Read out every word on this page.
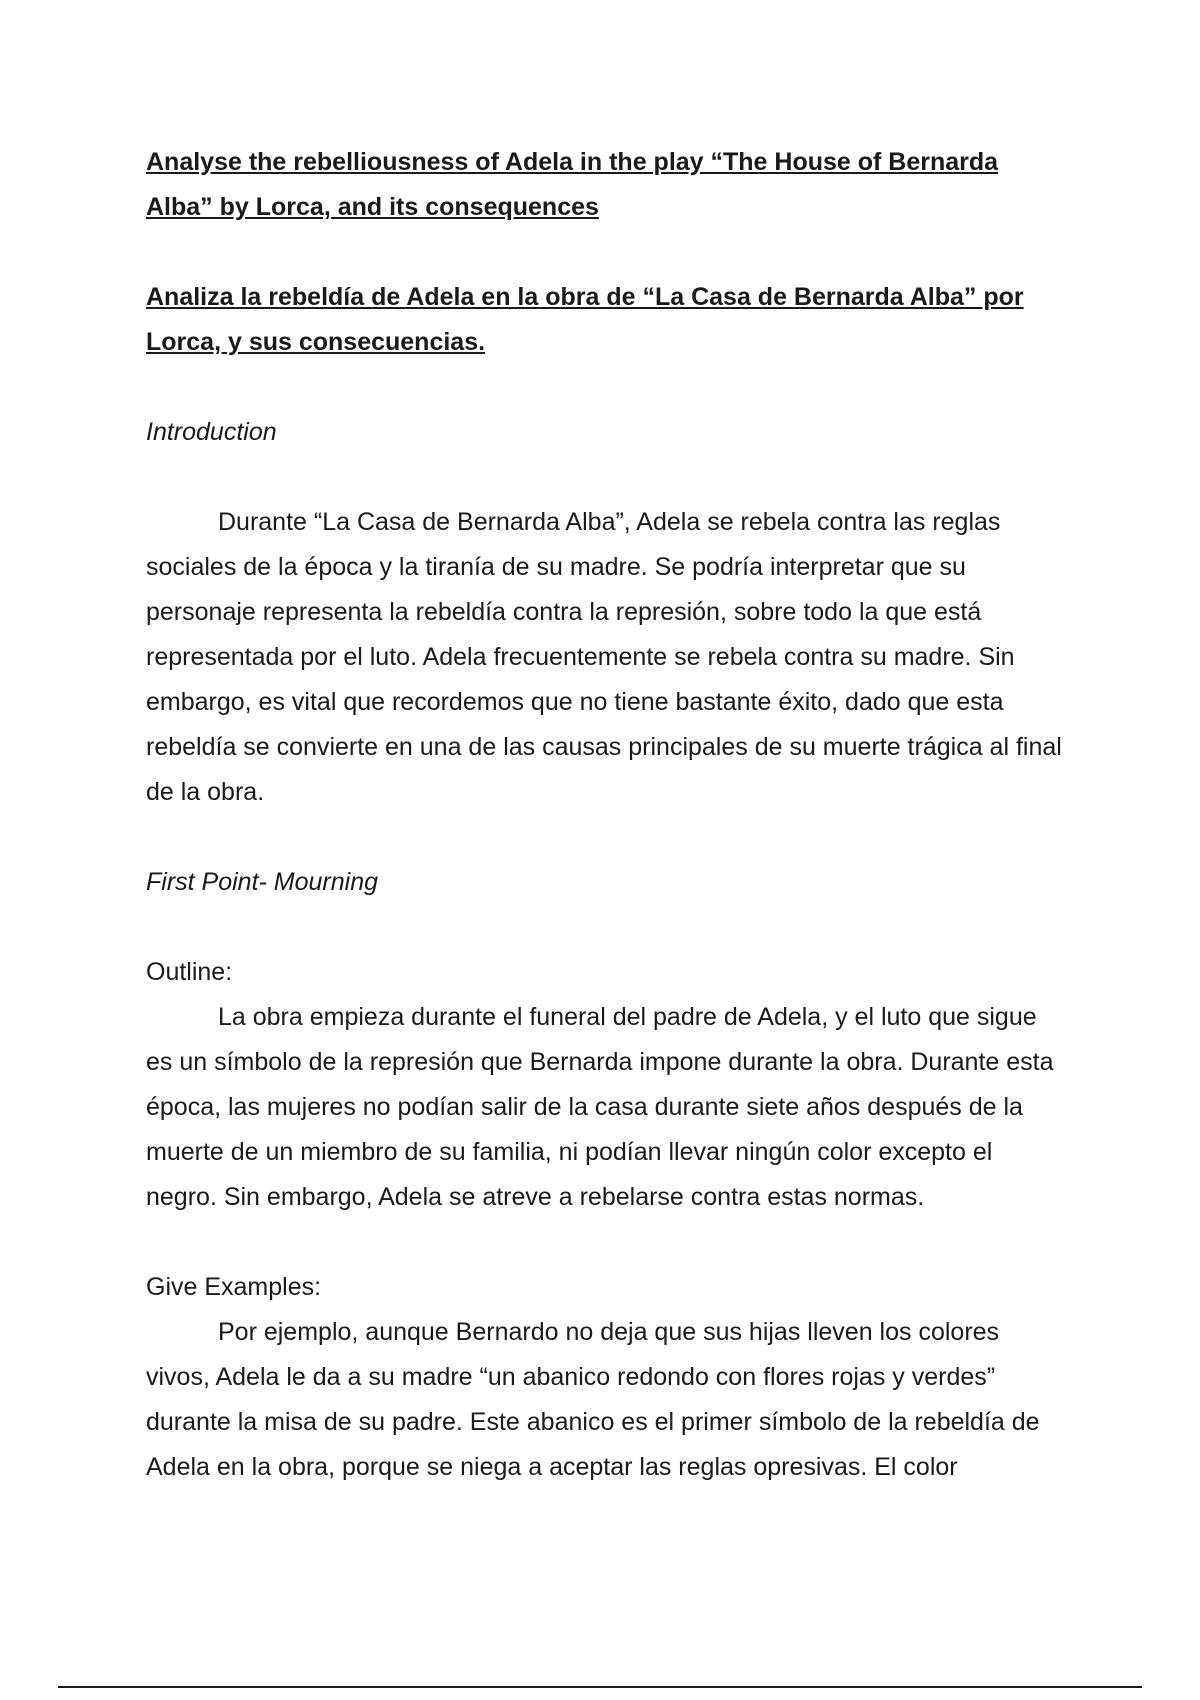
Analyse the rebelliousness of Adela in the play “The House of Bernarda Alba” by Lorca, and its consequences

Analiza la rebeldía de Adela en la obra de “La Casa de Bernarda Alba” por Lorca, y sus consecuencias.

Introduction

Durante “La Casa de Bernarda Alba”, Adela se rebela contra las reglas sociales de la época y la tiranía de su madre. Se podría interpretar que su personaje representa la rebeldía contra la represión, sobre todo la que está representada por el luto. Adela frecuentemente se rebela contra su madre. Sin embargo, es vital que recordemos que no tiene bastante éxito, dado que esta rebeldía se convierte en una de las causas principales de su muerte trágica al final de la obra.

First Point- Mourning

Outline:

La obra empieza durante el funeral del padre de Adela, y el luto que sigue es un símbolo de la represión que Bernarda impone durante la obra. Durante esta época, las mujeres no podían salir de la casa durante siete años después de la muerte de un miembro de su familia, ni podían llevar ningún color excepto el negro. Sin embargo, Adela se atreve a rebelarse contra estas normas.

Give Examples:

Por ejemplo, aunque Bernardo no deja que sus hijas lleven los colores vivos, Adela le da a su madre “un abanico redondo con flores rojas y verdes” durante la misa de su padre. Este abanico es el primer símbolo de la rebeldía de Adela en la obra, porque se niega a aceptar las reglas opresivas. El color
